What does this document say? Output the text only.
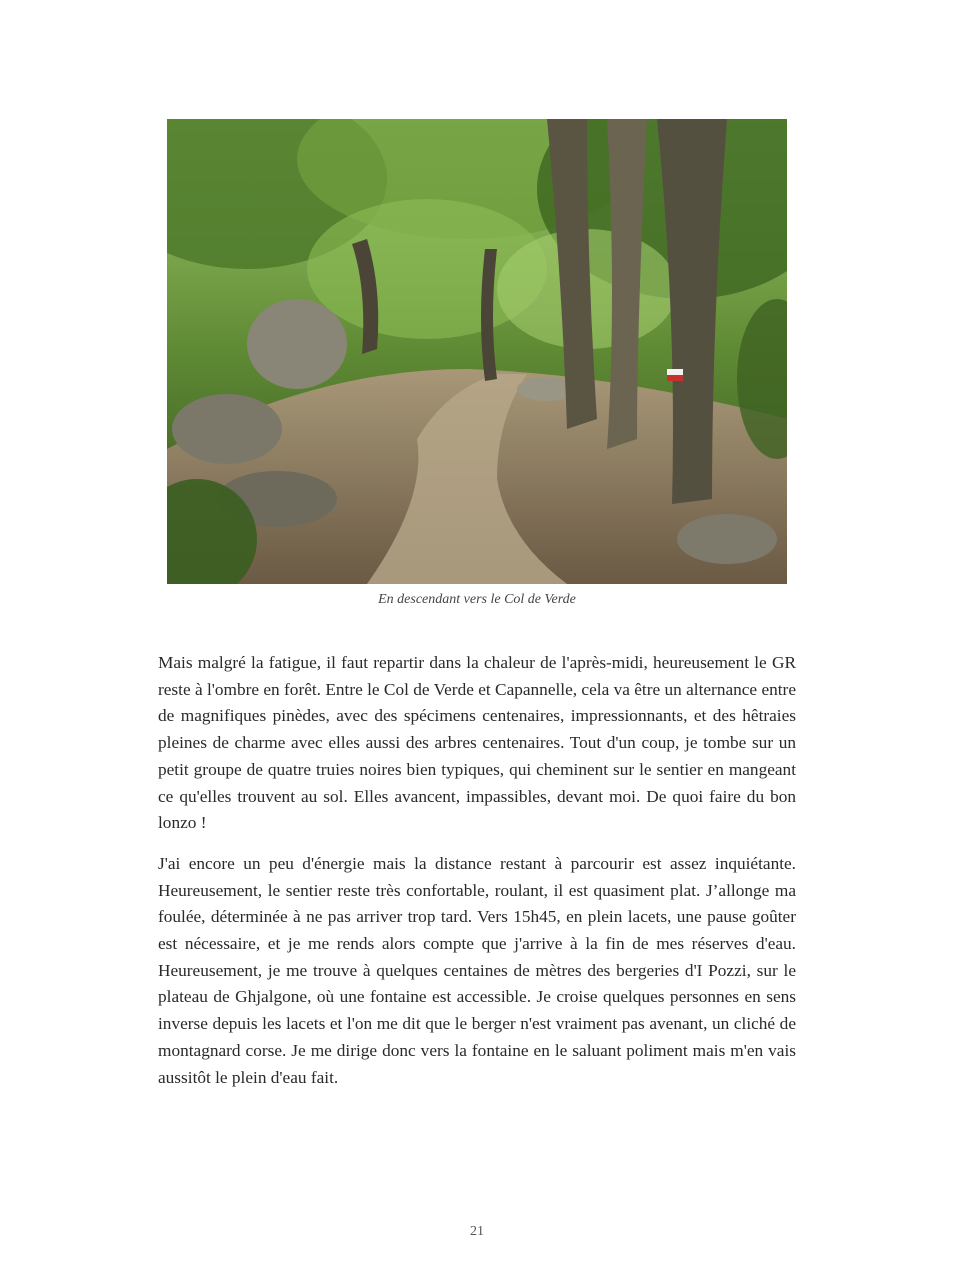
En descendant vers le Col de Verde

Mais malgré la fatigue, il faut repartir dans la chaleur de l'après-midi, heureusement le GR reste à l'ombre en forêt. Entre le Col de Verde et Capannelle, cela va être un alternance entre de magnifiques pinèdes, avec des spécimens centenaires, impressionnants, et des hêtraies pleines de charme avec elles aussi des arbres centenaires. Tout d'un coup, je tombe sur un petit groupe de quatre truies noires bien typiques, qui cheminent sur le sentier en mangeant ce qu'elles trouvent au sol. Elles avancent, impassibles, devant moi. De quoi faire du bon lonzo !

J'ai encore un peu d'énergie mais la distance restant à parcourir est assez inquiétante. Heureusement, le sentier reste très confortable, roulant, il est quasiment plat. J’allonge ma foulée, déterminée à ne pas arriver trop tard. Vers 15h45, en plein lacets, une pause goûter est nécessaire, et je me rends alors compte que j'arrive à la fin de mes réserves d'eau. Heureusement, je me trouve à quelques centaines de mètres des bergeries d'I Pozzi, sur le plateau de Ghjalgone, où une fontaine est accessible. Je croise quelques personnes en sens inverse depuis les lacets et l'on me dit que le berger n'est vraiment pas avenant, un cliché de montagnard corse. Je me dirige donc vers la fontaine en le saluant poliment mais m'en vais aussitôt le plein d'eau fait.

21
